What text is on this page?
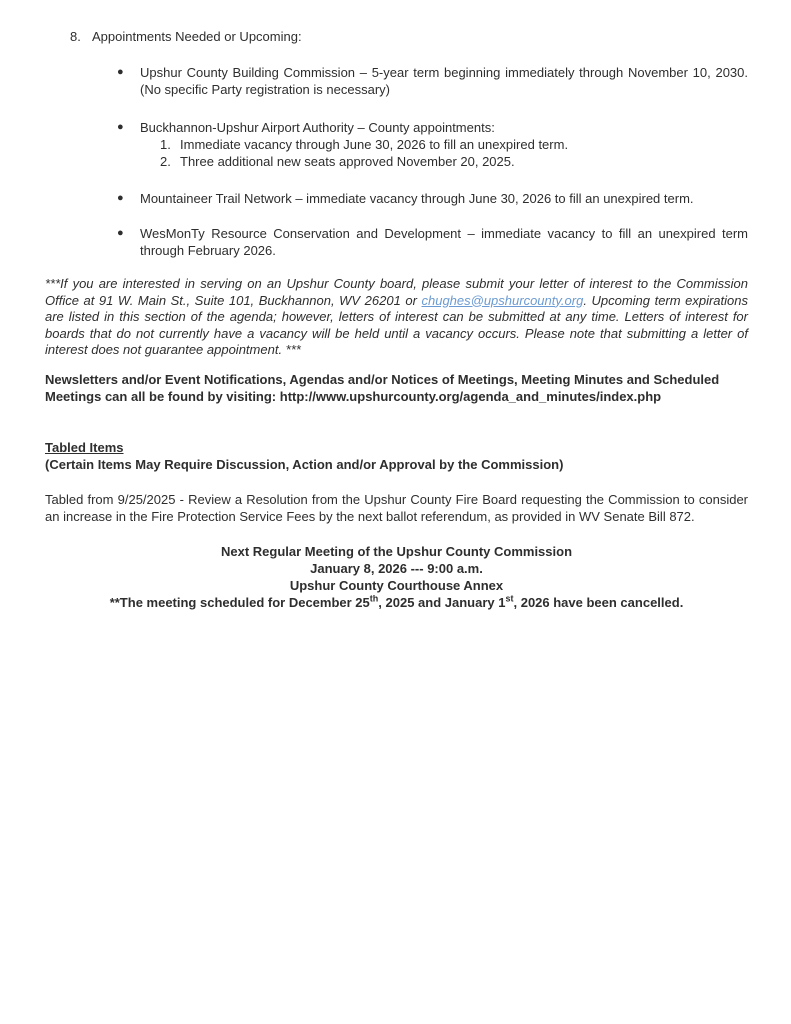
8. Appointments Needed or Upcoming:
●	Upshur County Building Commission – 5-year term beginning immediately through November 10, 2030. (No specific Party registration is necessary)
●	Buckhannon-Upshur Airport Authority – County appointments:
1. Immediate vacancy through June 30, 2026 to fill an unexpired term.
2. Three additional new seats approved November 20, 2025.
●	Mountaineer Trail Network – immediate vacancy through June 30, 2026 to fill an unexpired term.
●	WesMonTy Resource Conservation and Development – immediate vacancy to fill an unexpired term through February 2026.
***If you are interested in serving on an Upshur County board, please submit your letter of interest to the Commission Office at 91 W. Main St., Suite 101, Buckhannon, WV 26201 or chughes@upshurcounty.org. Upcoming term expirations are listed in this section of the agenda; however, letters of interest can be submitted at any time. Letters of interest for boards that do not currently have a vacancy will be held until a vacancy occurs. Please note that submitting a letter of interest does not guarantee appointment. ***
Newsletters and/or Event Notifications, Agendas and/or Notices of Meetings, Meeting Minutes and Scheduled Meetings can all be found by visiting: http://www.upshurcounty.org/agenda_and_minutes/index.php
Tabled Items
(Certain Items May Require Discussion, Action and/or Approval by the Commission)
Tabled from 9/25/2025 - Review a Resolution from the Upshur County Fire Board requesting the Commission to consider an increase in the Fire Protection Service Fees by the next ballot referendum, as provided in WV Senate Bill 872.
Next Regular Meeting of the Upshur County Commission
January 8, 2026 --- 9:00 a.m.
Upshur County Courthouse Annex
**The meeting scheduled for December 25th, 2025 and January 1st, 2026 have been cancelled.
